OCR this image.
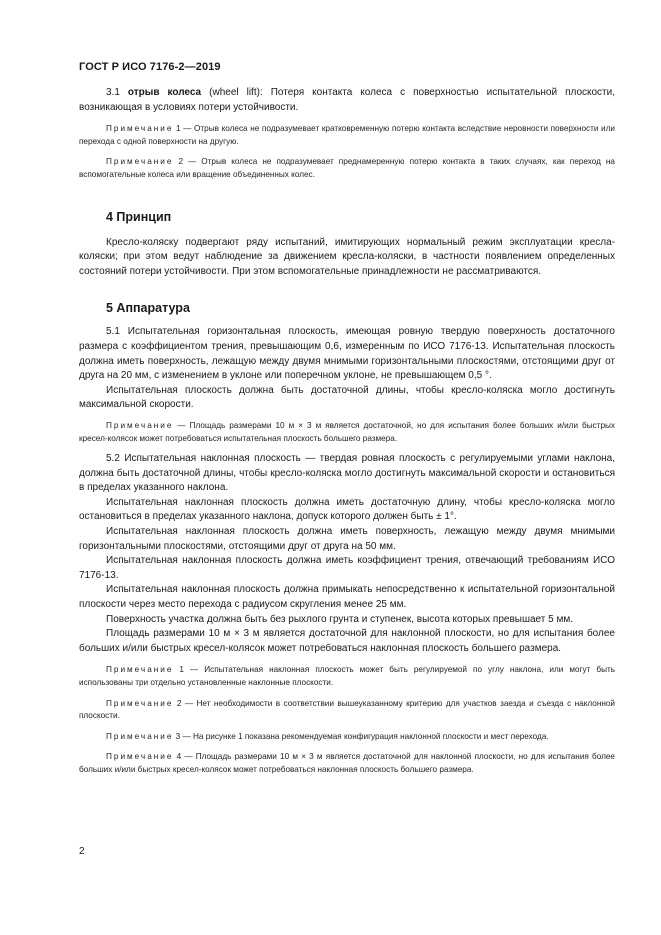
ГОСТ Р ИСО 7176-2—2019

3.1 отрыв колеса (wheel lift): Потеря контакта колеса с поверхностью испытательной плоскости, возникающая в условиях потери устойчивости.

Примечание 1 — Отрыв колеса не подразумевает кратковременную потерю контакта вследствие неровности поверхности или перехода с одной поверхности на другую.

Примечание 2 — Отрыв колеса не подразумевает преднамеренную потерю контакта в таких случаях, как переход на вспомогательные колеса или вращение объединенных колес.

4 Принцип

Кресло-коляску подвергают ряду испытаний, имитирующих нормальный режим эксплуатации кресла-коляски; при этом ведут наблюдение за движением кресла-коляски, в частности появлением определенных состояний потери устойчивости. При этом вспомогательные принадлежности не рассматриваются.

5 Аппаратура

5.1 Испытательная горизонтальная плоскость, имеющая ровную твердую поверхность достаточного размера с коэффициентом трения, превышающим 0,6, измеренным по ИСО 7176-13. Испытательная плоскость должна иметь поверхность, лежащую между двумя мнимыми горизонтальными плоскостями, отстоящими друг от друга на 20 мм, с изменением в уклоне или поперечном уклоне, не превышающем 0,5 °.

Испытательная плоскость должна быть достаточной длины, чтобы кресло-коляска могло достигнуть максимальной скорости.

Примечание — Площадь размерами 10 м × 3 м является достаточной, но для испытания более больших и/или быстрых кресел-колясок может потребоваться испытательная плоскость большего размера.

5.2 Испытательная наклонная плоскость — твердая ровная плоскость с регулируемыми углами наклона, должна быть достаточной длины, чтобы кресло-коляска могло достигнуть максимальной скорости и остановиться в пределах указанного наклона.

Испытательная наклонная плоскость должна иметь достаточную длину, чтобы кресло-коляска могло остановиться в пределах указанного наклона, допуск которого должен быть ± 1°.

Испытательная наклонная плоскость должна иметь поверхность, лежащую между двумя мнимыми горизонтальными плоскостями, отстоящими друг от друга на 50 мм.

Испытательная наклонная плоскость должна иметь коэффициент трения, отвечающий требованиям ИСО 7176-13.

Испытательная наклонная плоскость должна примыкать непосредственно к испытательной горизонтальной плоскости через место перехода с радиусом скругления менее 25 мм.

Поверхность участка должна быть без рыхлого грунта и ступенек, высота которых превышает 5 мм.

Площадь размерами 10 м × 3 м является достаточной для наклонной плоскости, но для испытания более больших и/или быстрых кресел-колясок может потребоваться наклонная плоскость большего размера.

Примечание 1 — Испытательная наклонная плоскость может быть регулируемой по углу наклона, или могут быть использованы три отдельно установленные наклонные плоскости.

Примечание 2 — Нет необходимости в соответствии вышеуказанному критерию для участков заезда и съезда с наклонной плоскости.

Примечание 3 — На рисунке 1 показана рекомендуемая конфигурация наклонной плоскости и мест перехода.

Примечание 4 — Площадь размерами 10 м × 3 м является достаточной для наклонной плоскости, но для испытания более больших и/или быстрых кресел-колясок может потребоваться наклонная плоскость большего размера.

2
